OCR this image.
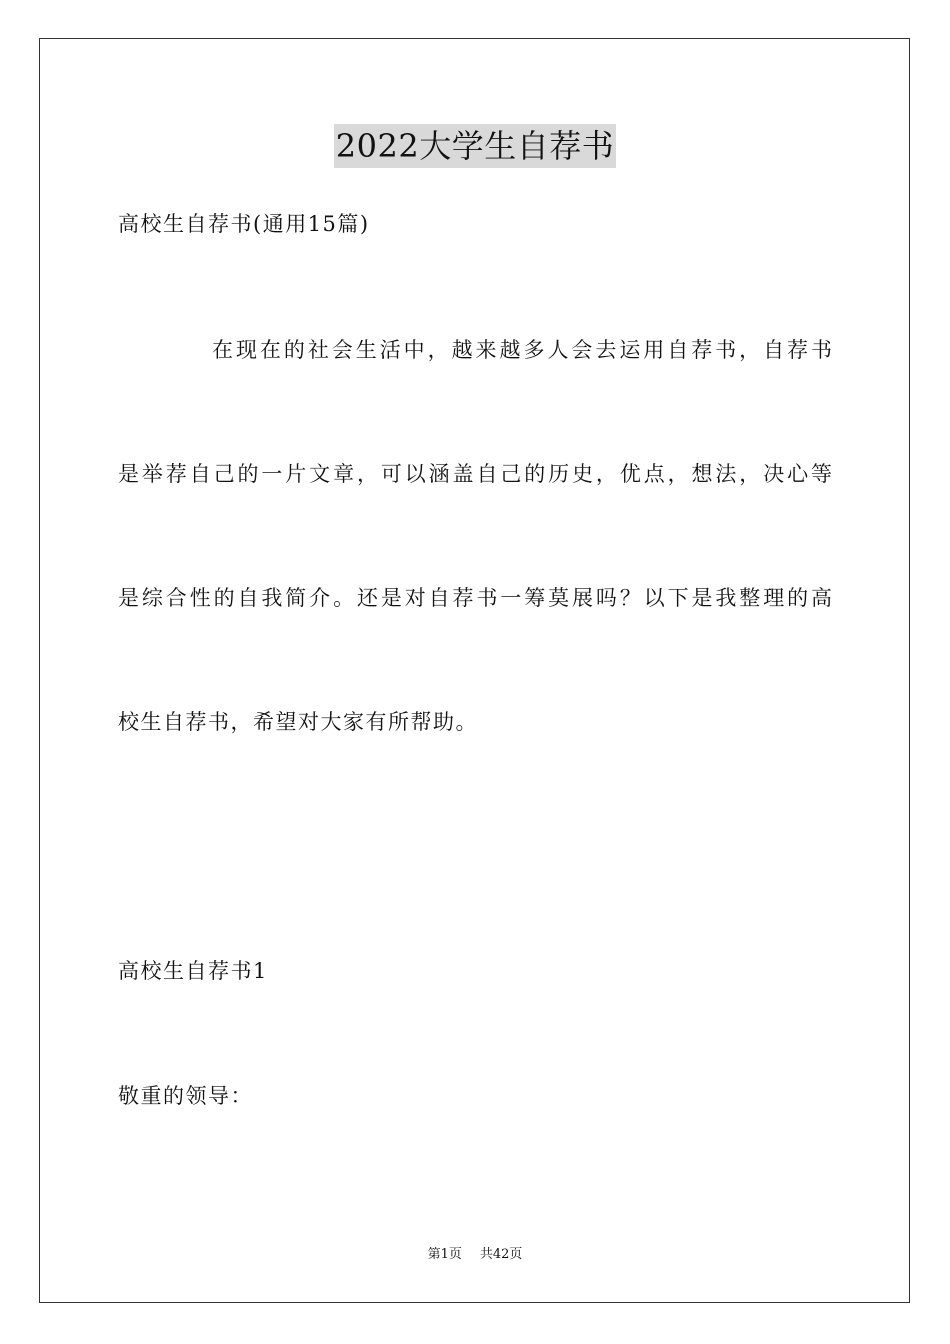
2022大学生自荐书
高校生自荐书(通用15篇)
在现在的社会生活中，越来越多人会去运用自荐书，自荐书
是举荐自己的一片文章，可以涵盖自己的历史，优点，想法，决心等
是综合性的自我简介。还是对自荐书一筹莫展吗？以下是我整理的高
校生自荐书，希望对大家有所帮助。
高校生自荐书1
敬重的领导：
第1页 共42页
